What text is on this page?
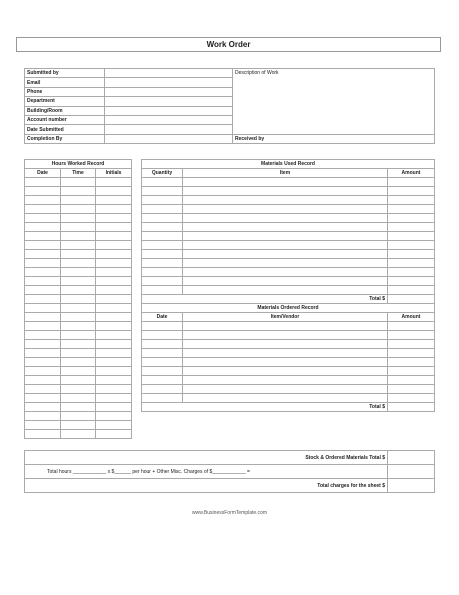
Work Order
Submitted by		Description of Work
Email		
Phone		
Department		
Building/Room		
Account number		
Date Submitted		
Completion By		Received by
Hours Worked Record		
Date	Time	Initials

Materials Used Record		
Quantity	Item	Amount

Total $		
Materials Ordered Record		
Date	Item/Vendor	Amount

Total $		
Stock & Ordered Materials Total $	
Total hours ____________ x $______ per hour + Other Misc. Charges of $____________ =	
Total charges for the sheet $	
www.BusinessFormTemplate.com
